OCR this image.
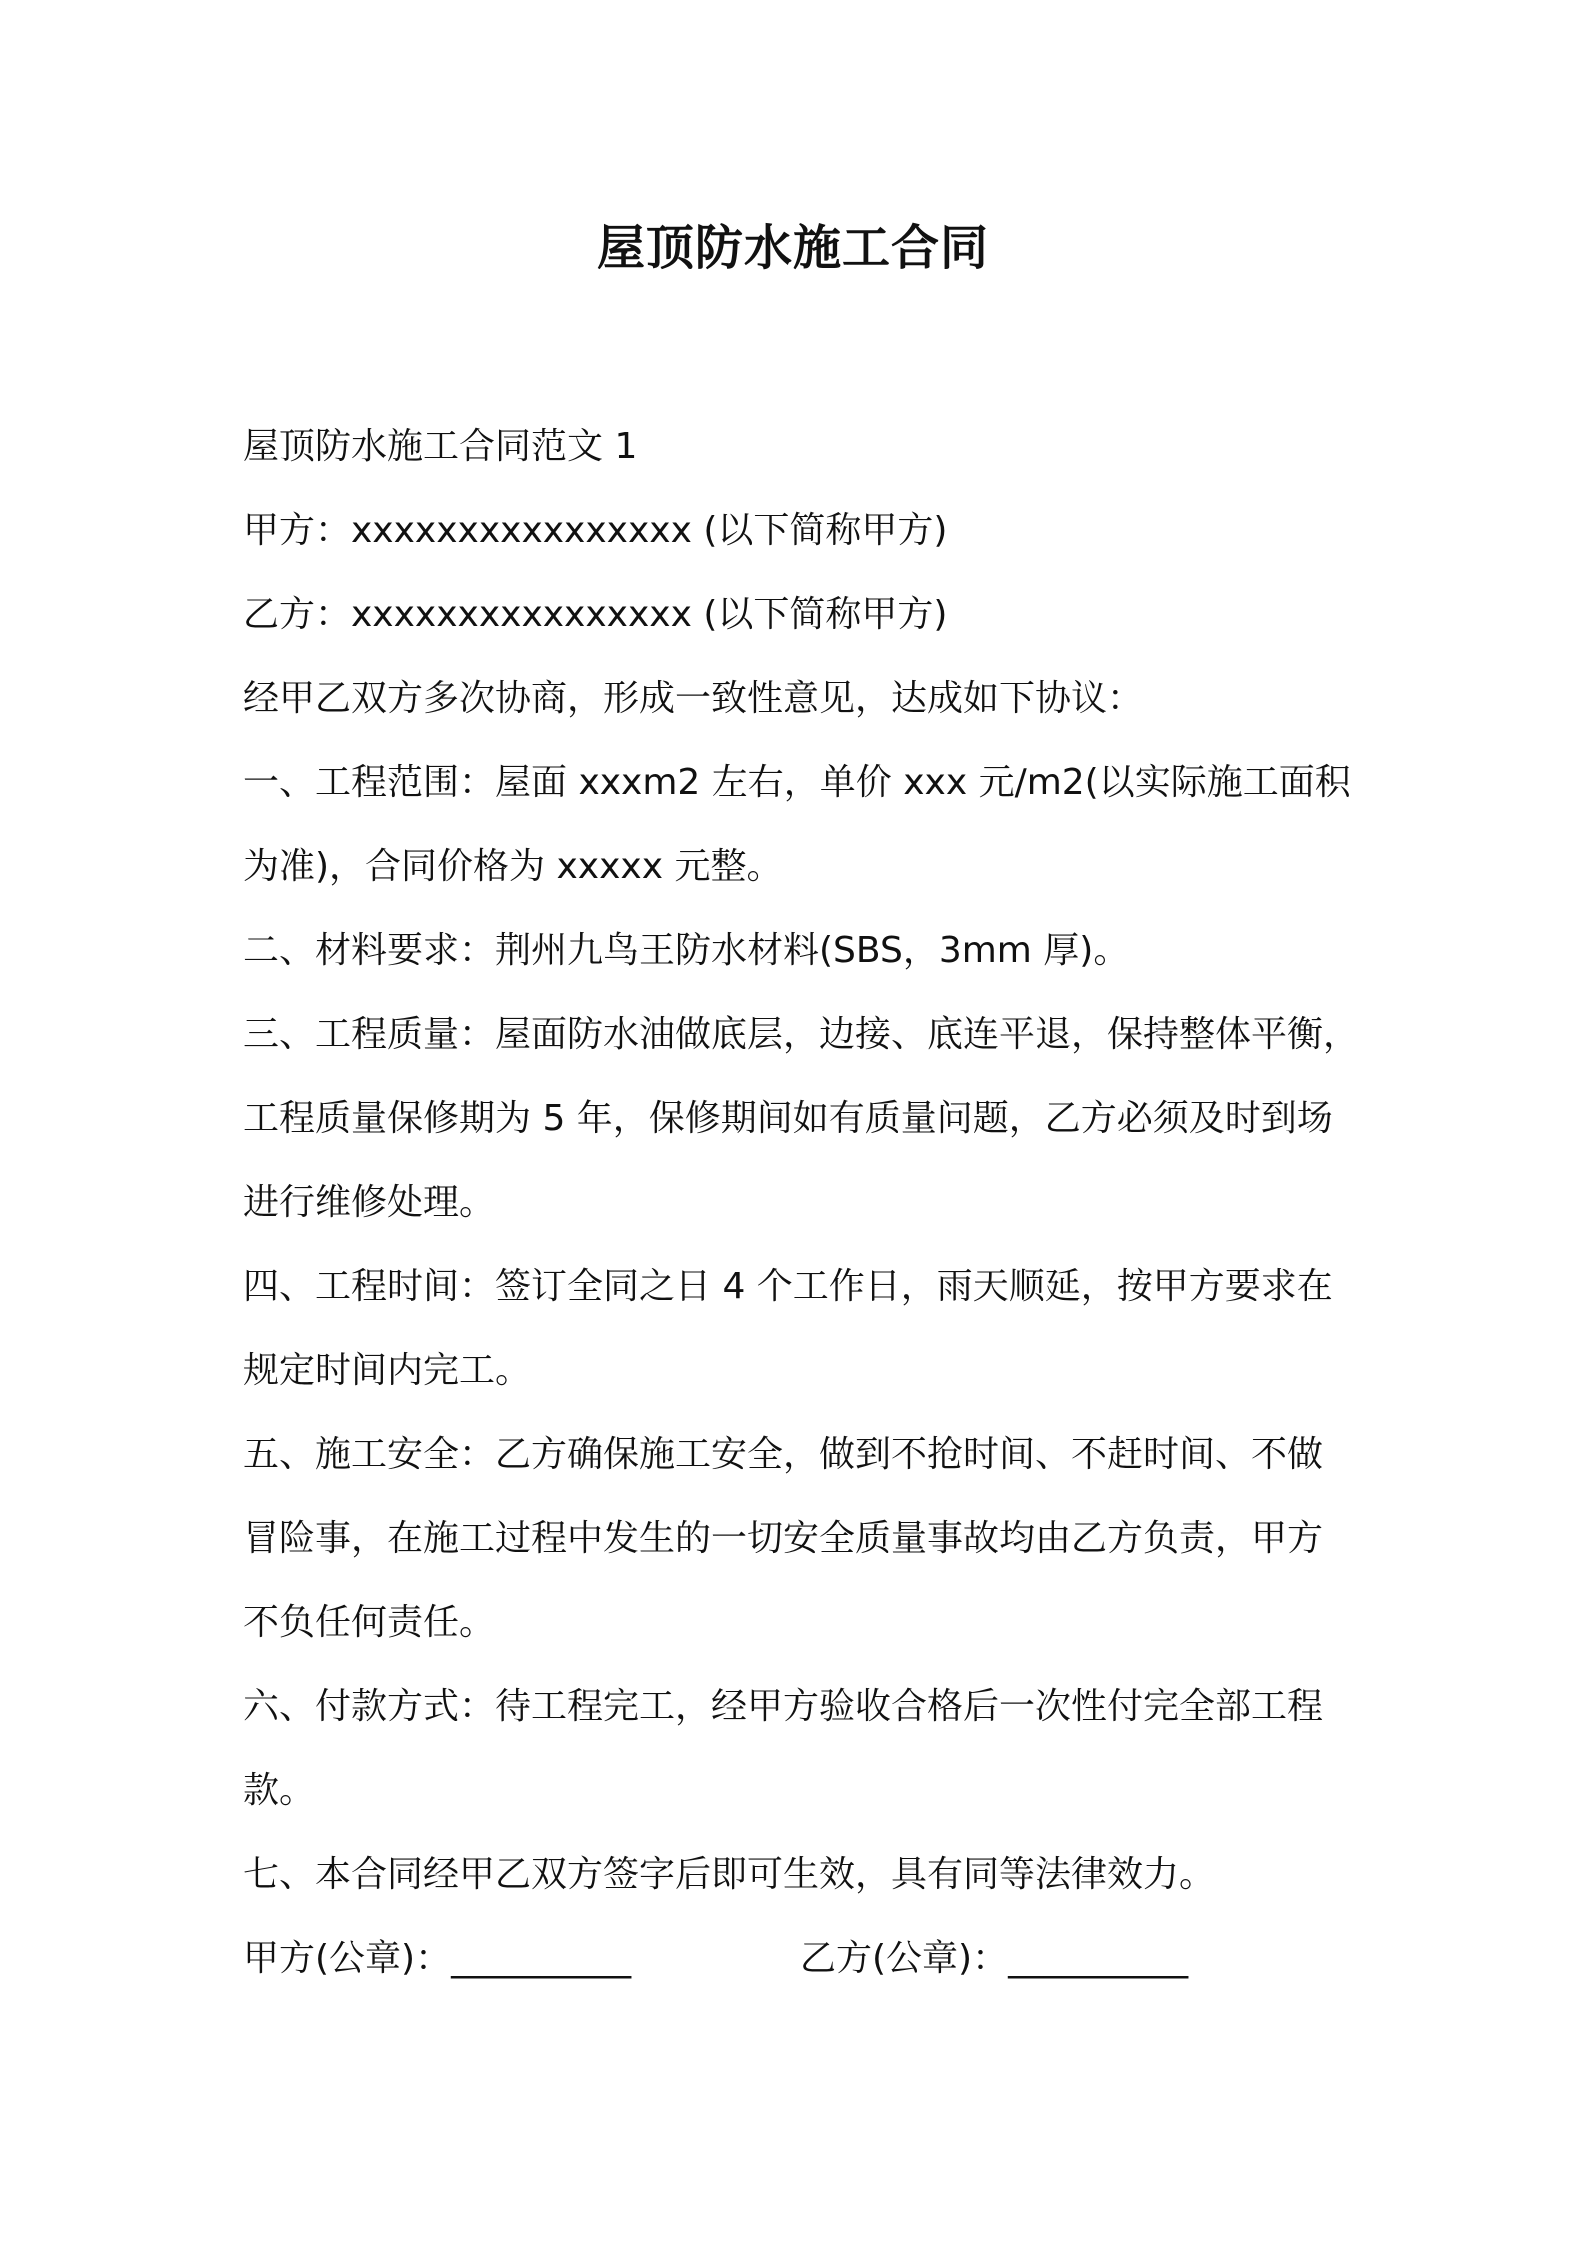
屋顶防水施工合同
屋顶防水施工合同范文 1
甲方：xxxxxxxxxxxxxxxx (以下简称甲方)
乙方：xxxxxxxxxxxxxxxx (以下简称甲方)
经甲乙双方多次协商，形成一致性意见，达成如下协议：
一、工程范围：屋面 xxxm2 左右，单价 xxx 元/m2(以实际施工面积
为准)，合同价格为 xxxxx 元整。
二、材料要求：荆州九鸟王防水材料(SBS，3mm 厚)。
三、工程质量：屋面防水油做底层，边接、底连平退，保持整体平衡，
工程质量保修期为 5 年，保修期间如有质量问题，乙方必须及时到场
进行维修处理。
四、工程时间：签订全同之日 4 个工作日，雨天顺延，按甲方要求在
规定时间内完工。
五、施工安全：乙方确保施工安全，做到不抢时间、不赶时间、不做
冒险事，在施工过程中发生的一切安全质量事故均由乙方负责，甲方
不负任何责任。
六、付款方式：待工程完工，经甲方验收合格后一次性付完全部工程
款。
七、本合同经甲乙双方签字后即可生效，具有同等法律效力。
甲方(公章)：__________	乙方(公章)：__________
